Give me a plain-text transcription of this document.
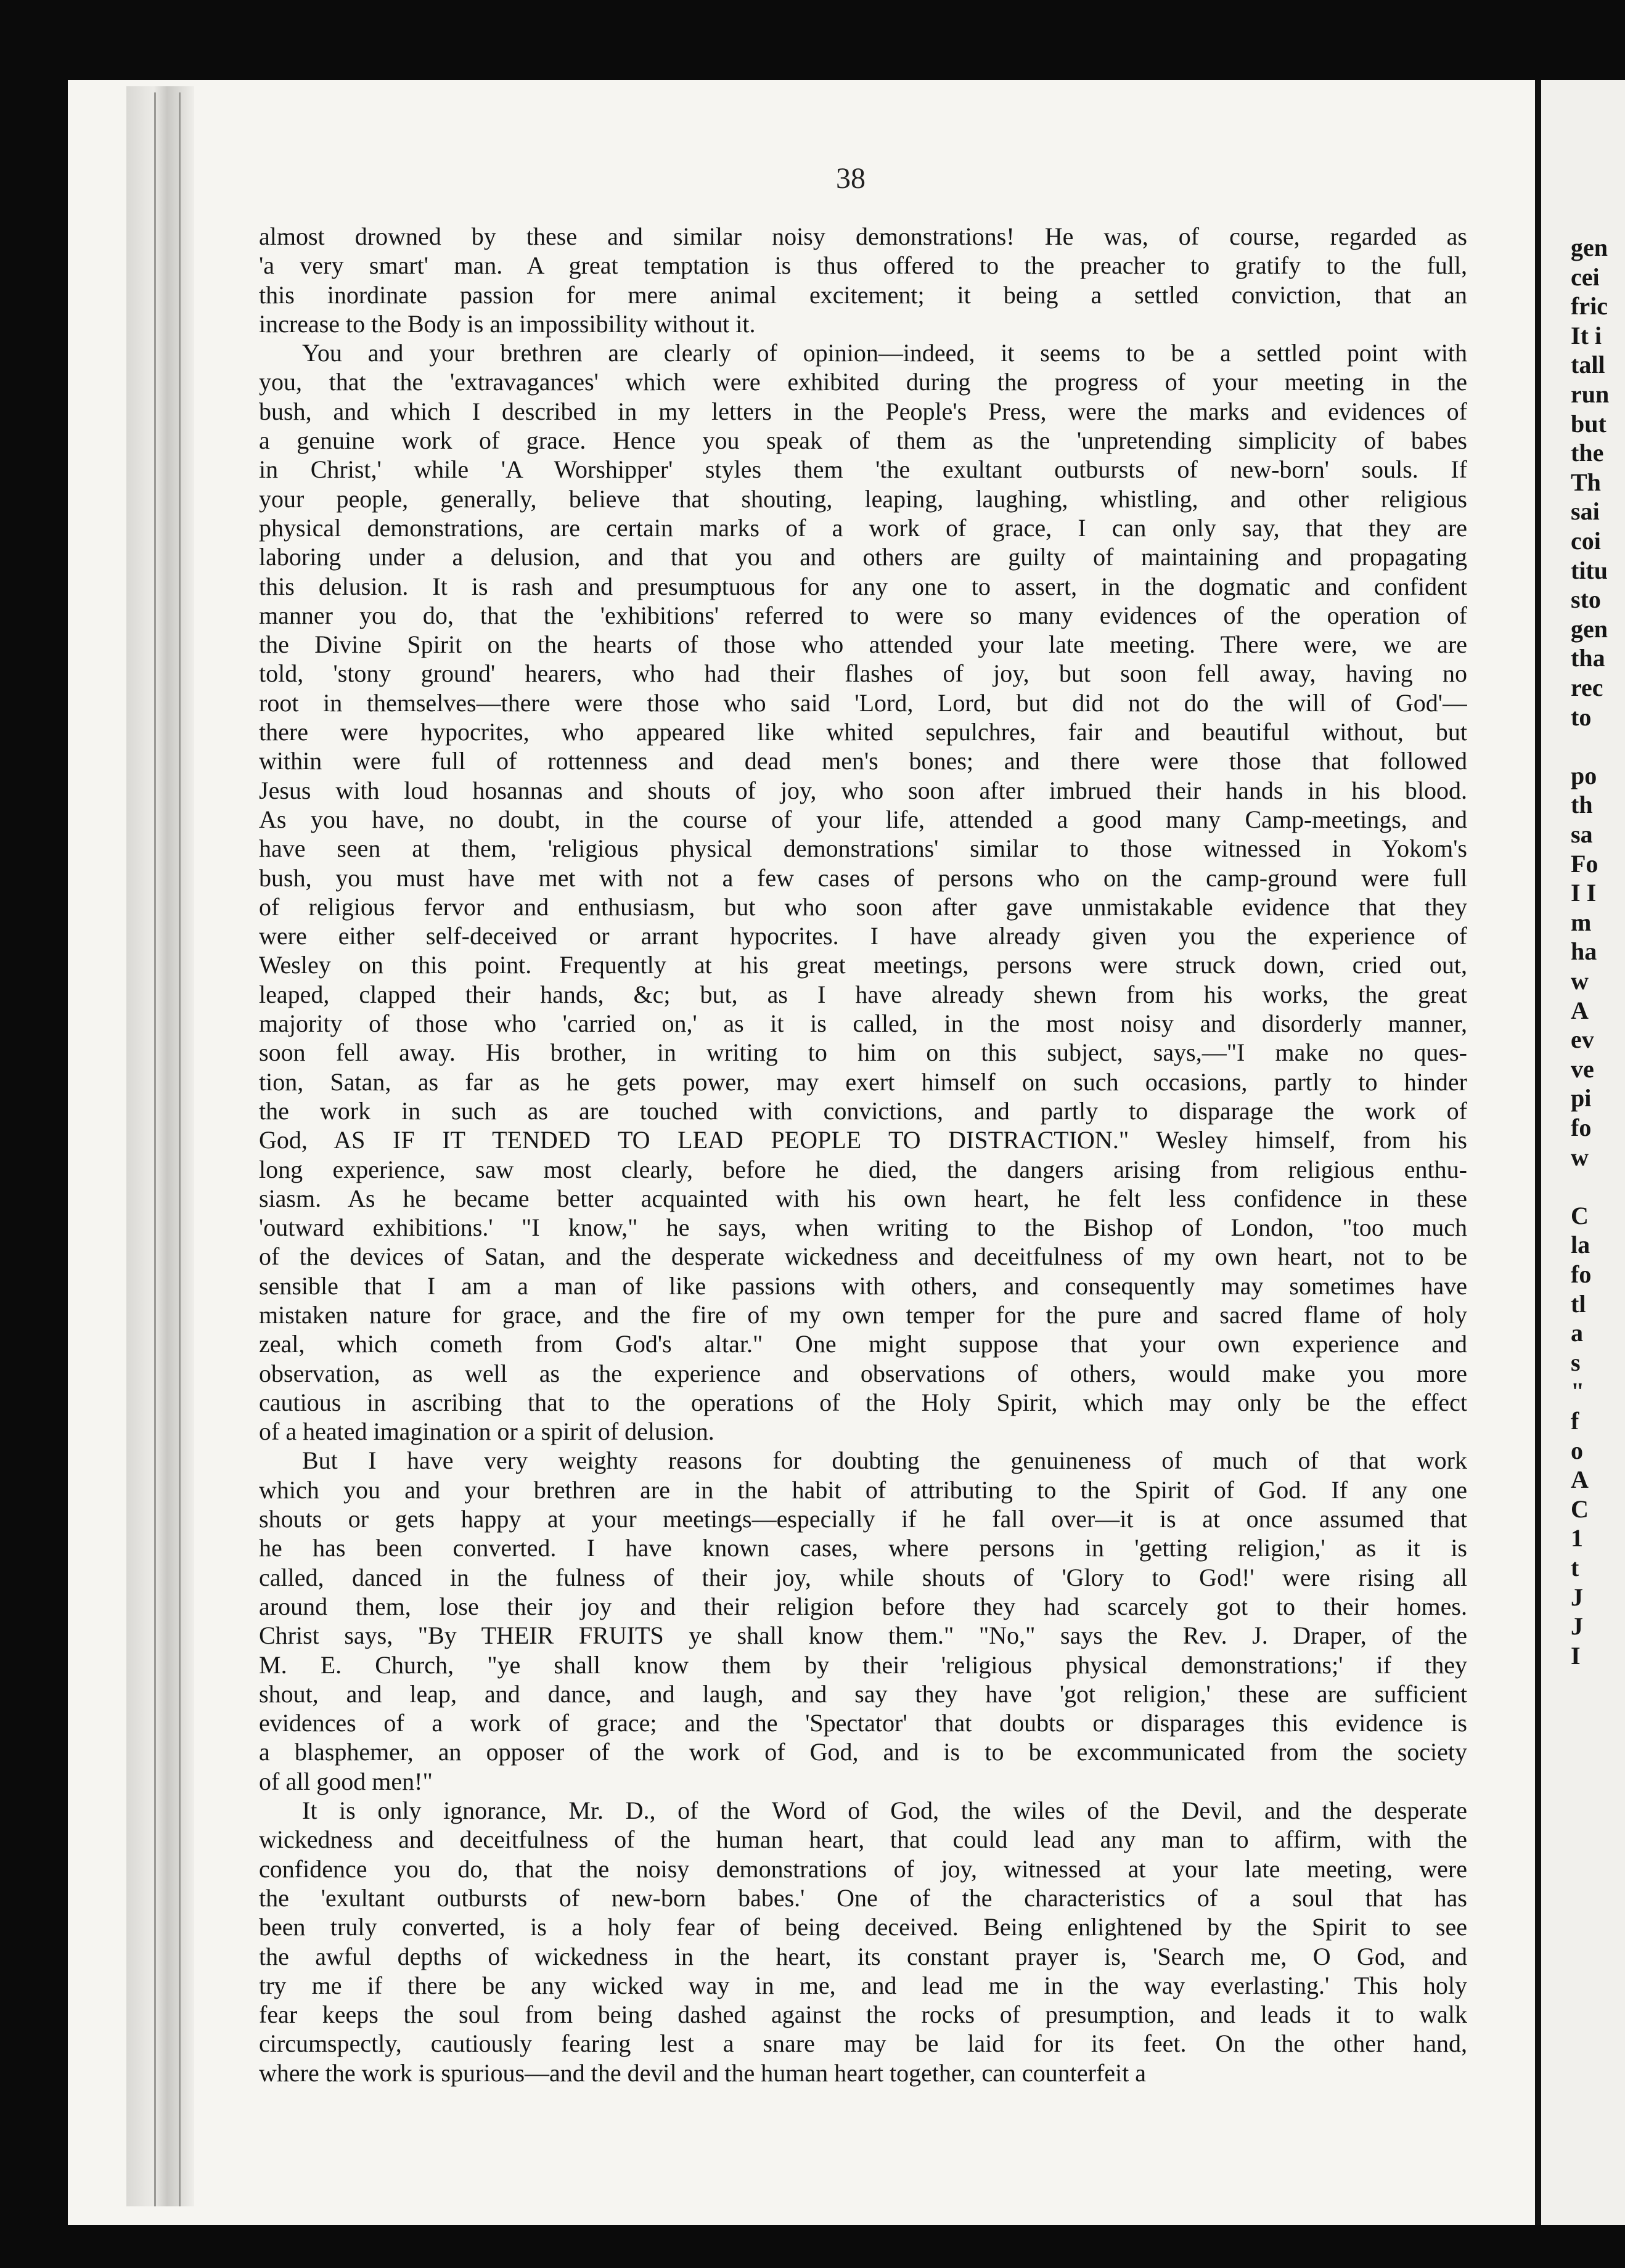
38
almost drowned by these and similar noisy demonstrations! He was, of course, regarded as
'a very smart' man. A great temptation is thus offered to the preacher to gratify to the full,
this inordinate passion for mere animal excitement; it being a settled conviction, that an
increase to the Body is an impossibility without it.
You and your brethren are clearly of opinion—indeed, it seems to be a settled point with
you, that the 'extravagances' which were exhibited during the progress of your meeting in the
bush, and which I described in my letters in the People's Press, were the marks and evidences of
a genuine work of grace. Hence you speak of them as the 'unpretending simplicity of babes
in Christ,' while 'A Worshipper' styles them 'the exultant outbursts of new-born' souls. If
your people, generally, believe that shouting, leaping, laughing, whistling, and other religious
physical demonstrations, are certain marks of a work of grace, I can only say, that they are
laboring under a delusion, and that you and others are guilty of maintaining and propagating
this delusion. It is rash and presumptuous for any one to assert, in the dogmatic and confident
manner you do, that the 'exhibitions' referred to were so many evidences of the operation of
the Divine Spirit on the hearts of those who attended your late meeting. There were, we are
told, 'stony ground' hearers, who had their flashes of joy, but soon fell away, having no
root in themselves—there were those who said 'Lord, Lord, but did not do the will of God'—
there were hypocrites, who appeared like whited sepulchres, fair and beautiful without, but
within were full of rottenness and dead men's bones; and there were those that followed
Jesus with loud hosannas and shouts of joy, who soon after imbrued their hands in his blood.
As you have, no doubt, in the course of your life, attended a good many Camp-meetings, and
have seen at them, 'religious physical demonstrations' similar to those witnessed in Yokom's
bush, you must have met with not a few cases of persons who on the camp-ground were full
of religious fervor and enthusiasm, but who soon after gave unmistakable evidence that they
were either self-deceived or arrant hypocrites. I have already given you the experience of
Wesley on this point. Frequently at his great meetings, persons were struck down, cried out,
leaped, clapped their hands, &c; but, as I have already shewn from his works, the great
majority of those who 'carried on,' as it is called, in the most noisy and disorderly manner,
soon fell away. His brother, in writing to him on this subject, says,—"I make no ques-
tion, Satan, as far as he gets power, may exert himself on such occasions, partly to hinder
the work in such as are touched with convictions, and partly to disparage the work of
God, AS IF IT TENDED TO LEAD PEOPLE TO DISTRACTION." Wesley himself, from his
long experience, saw most clearly, before he died, the dangers arising from religious enthu-
siasm. As he became better acquainted with his own heart, he felt less confidence in these
'outward exhibitions.' "I know," he says, when writing to the Bishop of London, "too much
of the devices of Satan, and the desperate wickedness and deceitfulness of my own heart, not to be
sensible that I am a man of like passions with others, and consequently may sometimes have
mistaken nature for grace, and the fire of my own temper for the pure and sacred flame of holy
zeal, which cometh from God's altar." One might suppose that your own experience and
observation, as well as the experience and observations of others, would make you more
cautious in ascribing that to the operations of the Holy Spirit, which may only be the effect
of a heated imagination or a spirit of delusion.
But I have very weighty reasons for doubting the genuineness of much of that work
which you and your brethren are in the habit of attributing to the Spirit of God. If any one
shouts or gets happy at your meetings—especially if he fall over—it is at once assumed that
he has been converted. I have known cases, where persons in 'getting religion,' as it is
called, danced in the fulness of their joy, while shouts of 'Glory to God!' were rising all
around them, lose their joy and their religion before they had scarcely got to their homes.
Christ says, "By THEIR FRUITS ye shall know them." "No," says the Rev. J. Draper, of the
M. E. Church, "ye shall know them by their 'religious physical demonstrations;' if they
shout, and leap, and dance, and laugh, and say they have 'got religion,' these are sufficient
evidences of a work of grace; and the 'Spectator' that doubts or disparages this evidence is
a blasphemer, an opposer of the work of God, and is to be excommunicated from the society
of all good men!"
It is only ignorance, Mr. D., of the Word of God, the wiles of the Devil, and the desperate
wickedness and deceitfulness of the human heart, that could lead any man to affirm, with the
confidence you do, that the noisy demonstrations of joy, witnessed at your late meeting, were
the 'exultant outbursts of new-born babes.' One of the characteristics of a soul that has
been truly converted, is a holy fear of being deceived. Being enlightened by the Spirit to see
the awful depths of wickedness in the heart, its constant prayer is, 'Search me, O God, and
try me if there be any wicked way in me, and lead me in the way everlasting.' This holy
fear keeps the soul from being dashed against the rocks of presumption, and leads it to walk
circumspectly, cautiously fearing lest a snare may be laid for its feet. On the other hand,
where the work is spurious—and the devil and the human heart together, can counterfeit a
gen
cei
fric
It i
tall
run
but
the
Th
sai
coi
titu
sto
gen
tha
rec
to
po
th
sa
Fo
I I
m
ha
w
A
ev
ve
pi
fo
w
C
la
fo
tl
a
s
"
f
o
A
C
1
t
J
J
I
